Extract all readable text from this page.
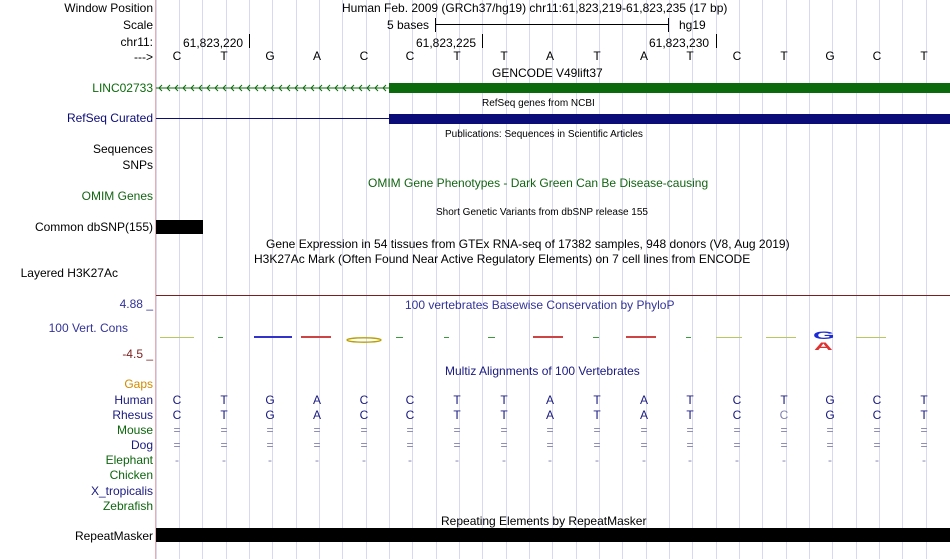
Window Position
Scale
chr11:
--->
LINC02733
RefSeq Curated
Sequences
SNPs
OMIM Genes
Common dbSNP(155)
Layered H3K27Ac
4.88 _
100 Vert. Cons
-4.5 _
Gaps
Human
Rhesus
Mouse
Dog
Elephant
Chicken
X_tropicalis
Zebrafish
RepeatMasker
Human Feb. 2009 (GRCh37/hg19) chr11:61,823,219-61,823,235 (17 bp)
5 bases	hg19
61,823,220	61,823,225	61,823,230
C	T	G	A	C	C	T	T	A	T	A	T	C	T	G	C	T
GENCODE V49lift37
RefSeq genes from NCBI
Publications: Sequences in Scientific Articles
OMIM Gene Phenotypes - Dark Green Can Be Disease-causing
Short Genetic Variants from dbSNP release 155
Gene Expression in 54 tissues from GTEx RNA-seq of 17382 samples, 948 donors (V8, Aug 2019)
H3K27Ac Mark (Often Found Near Active Regulatory Elements) on 7 cell lines from ENCODE
100 vertebrates Basewise Conservation by PhyloP
G
A
Multiz Alignments of 100 Vertebrates
C	T	G	A	C	C	T	T	A	T	A	T	C	T	G	C	T
C	T	G	A	C	C	T	T	A	T	A	T	C	C	G	C	T
=	=	=	=	=	=	=	=	=	=	=	=	=	=	=	=	=
=	=	=	=	=	=	=	=	=	=	=	=	=	=	=	=	=
-	-	-	-	-	-	-	-	-	-	-	-	-	-	-	-	-
Repeating Elements by RepeatMasker
